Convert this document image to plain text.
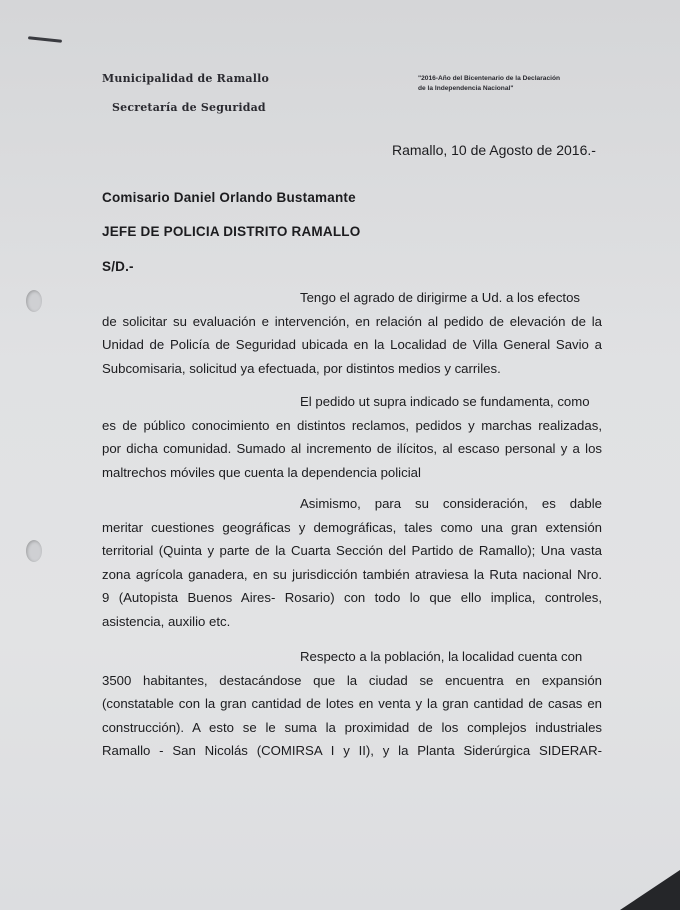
Municipalidad de Ramallo
Secretaría de Seguridad
"2016-Año del Bicentenario de la Declaración
de la Independencia Nacional"
Ramallo, 10 de Agosto de 2016.-
Comisario Daniel Orlando Bustamante
JEFE DE POLICIA DISTRITO RAMALLO
S/D.-
Tengo el agrado de dirigirme a Ud. a los efectos
de solicitar su evaluación e intervención, en relación al pedido de elevación de la
Unidad de Policía de Seguridad ubicada en la Localidad de Villa General Savio a
Subcomisaria, solicitud ya efectuada, por distintos medios y carriles.
El pedido ut supra indicado se fundamenta, como
es de público conocimiento en distintos reclamos, pedidos y marchas realizadas,
por dicha comunidad. Sumado al incremento de ilícitos, al escaso personal y a los
maltrechos móviles que cuenta la dependencia policial
Asimismo, para su consideración, es dable
meritar cuestiones geográficas y demográficas, tales como una gran extensión
territorial (Quinta y parte de la Cuarta Sección del Partido de Ramallo); Una vasta
zona agrícola ganadera, en su jurisdicción también atraviesa la Ruta nacional Nro.
9 (Autopista Buenos Aires- Rosario) con todo lo que ello implica, controles,
asistencia, auxilio etc.
Respecto a la población, la localidad cuenta con
3500 habitantes, destacándose que la ciudad se encuentra en expansión
(constatable con la gran cantidad de lotes en venta y la gran cantidad de casas en
construcción). A esto se le suma la proximidad de los complejos industriales
Ramallo - San Nicolás (COMIRSA I y II), y la Planta Siderúrgica SIDERAR-
